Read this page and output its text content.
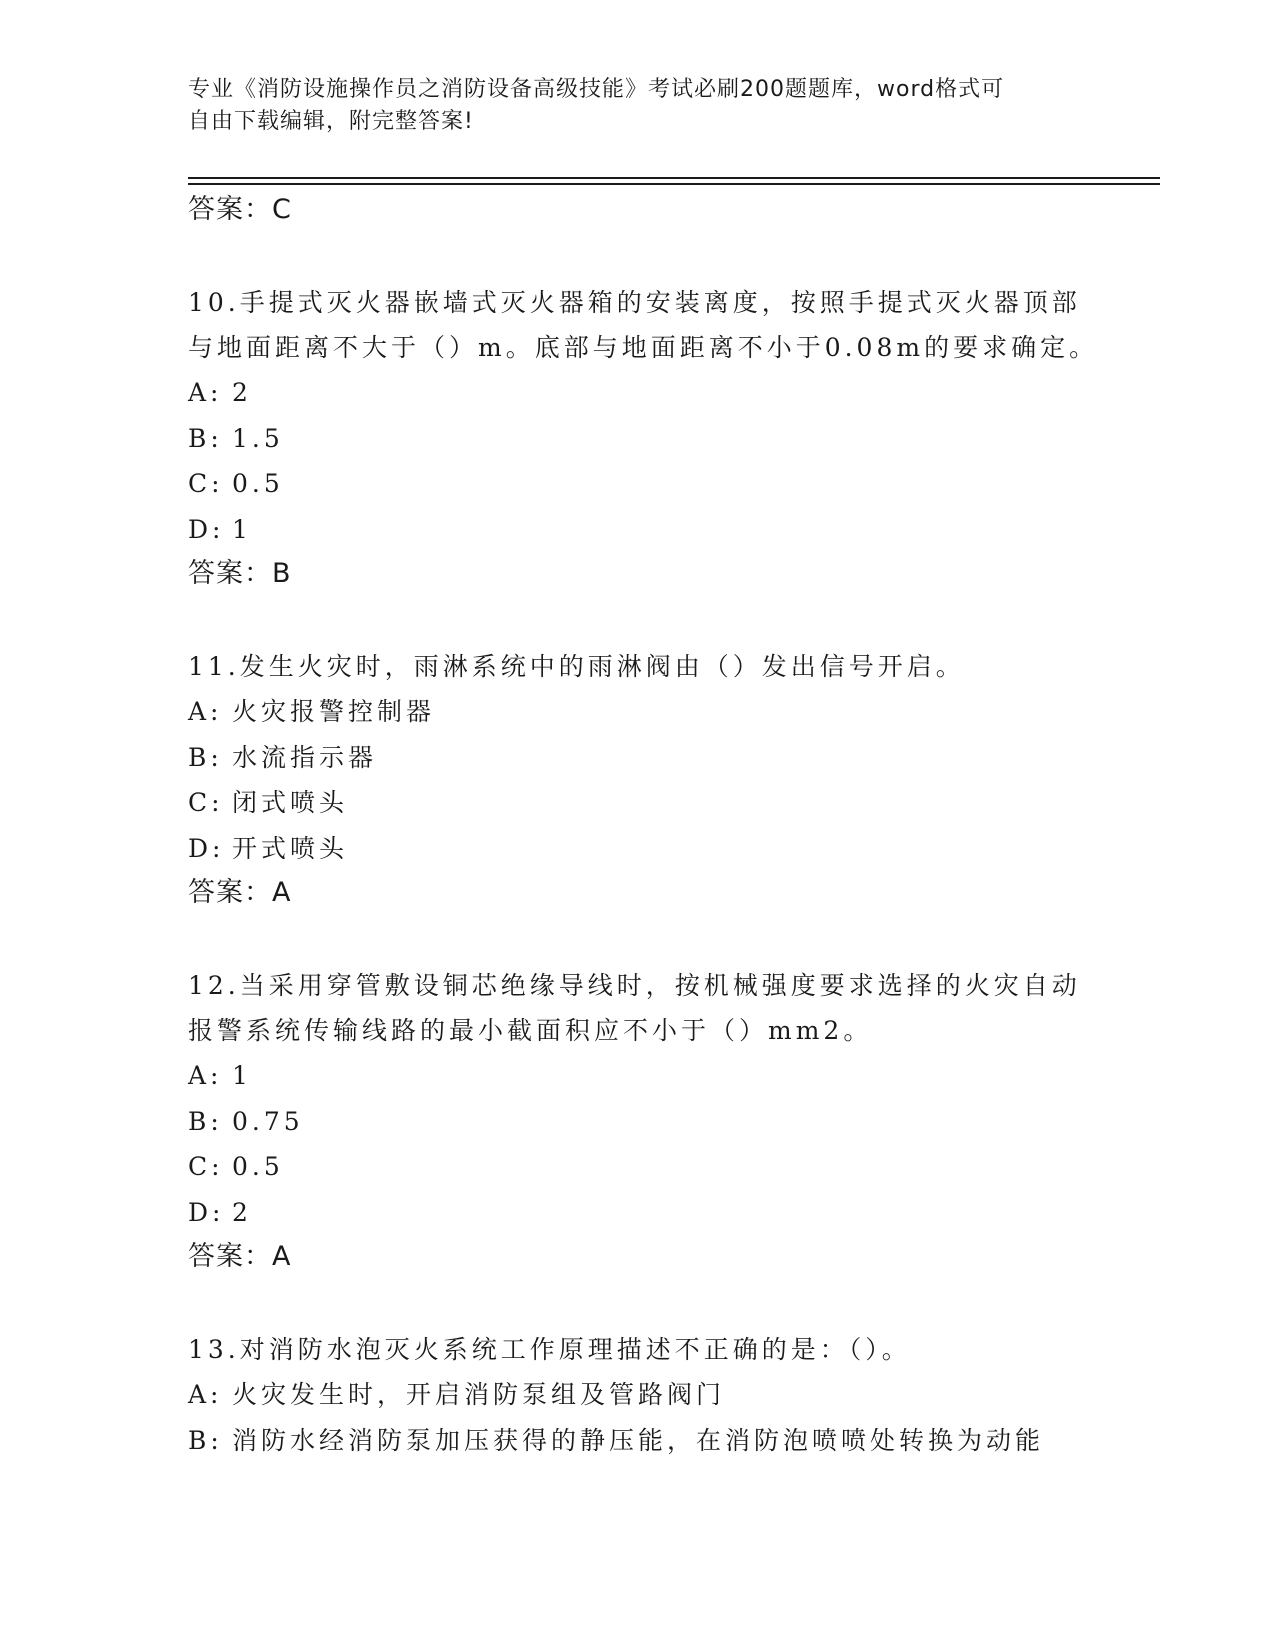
专业《消防设施操作员之消防设备高级技能》考试必刷200题题库，word格式可
自由下载编辑，附完整答案!
答案：C
10.手提式灭火器嵌墙式灭火器箱的安装离度，按照手提式灭火器顶部
与地面距离不大于（）m。底部与地面距离不小于0.08m的要求确定。
A: 2
B: 1.5
C: 0.5
D: 1
答案：B
11.发生火灾时，雨淋系统中的雨淋阀由（）发出信号开启。
A: 火灾报警控制器
B: 水流指示器
C: 闭式喷头
D: 开式喷头
答案：A
12.当采用穿管敷设铜芯绝缘导线时，按机械强度要求选择的火灾自动
报警系统传输线路的最小截面积应不小于（）mm2。
A: 1
B: 0.75
C: 0.5
D: 2
答案：A
13.对消防水泡灭火系统工作原理描述不正确的是：（）。
A: 火灾发生时，开启消防泵组及管路阀门
B: 消防水经消防泵加压获得的静压能，在消防泡喷喷处转换为动能
